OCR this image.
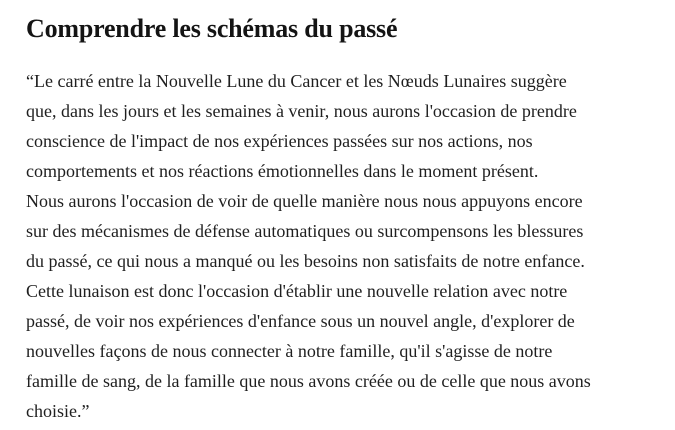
Comprendre les schémas du passé

“Le carré entre la Nouvelle Lune du Cancer et les Nœuds Lunaires suggère
que, dans les jours et les semaines à venir, nous aurons l'occasion de prendre
conscience de l'impact de nos expériences passées sur nos actions, nos
comportements et nos réactions émotionnelles dans le moment présent.
Nous aurons l'occasion de voir de quelle manière nous nous appuyons encore
sur des mécanismes de défense automatiques ou surcompensons les blessures
du passé, ce qui nous a manqué ou les besoins non satisfaits de notre enfance.
Cette lunaison est donc l'occasion d'établir une nouvelle relation avec notre
passé, de voir nos expériences d'enfance sous un nouvel angle, d'explorer de
nouvelles façons de nous connecter à notre famille, qu'il s'agisse de notre
famille de sang, de la famille que nous avons créée ou de celle que nous avons
choisie.”
